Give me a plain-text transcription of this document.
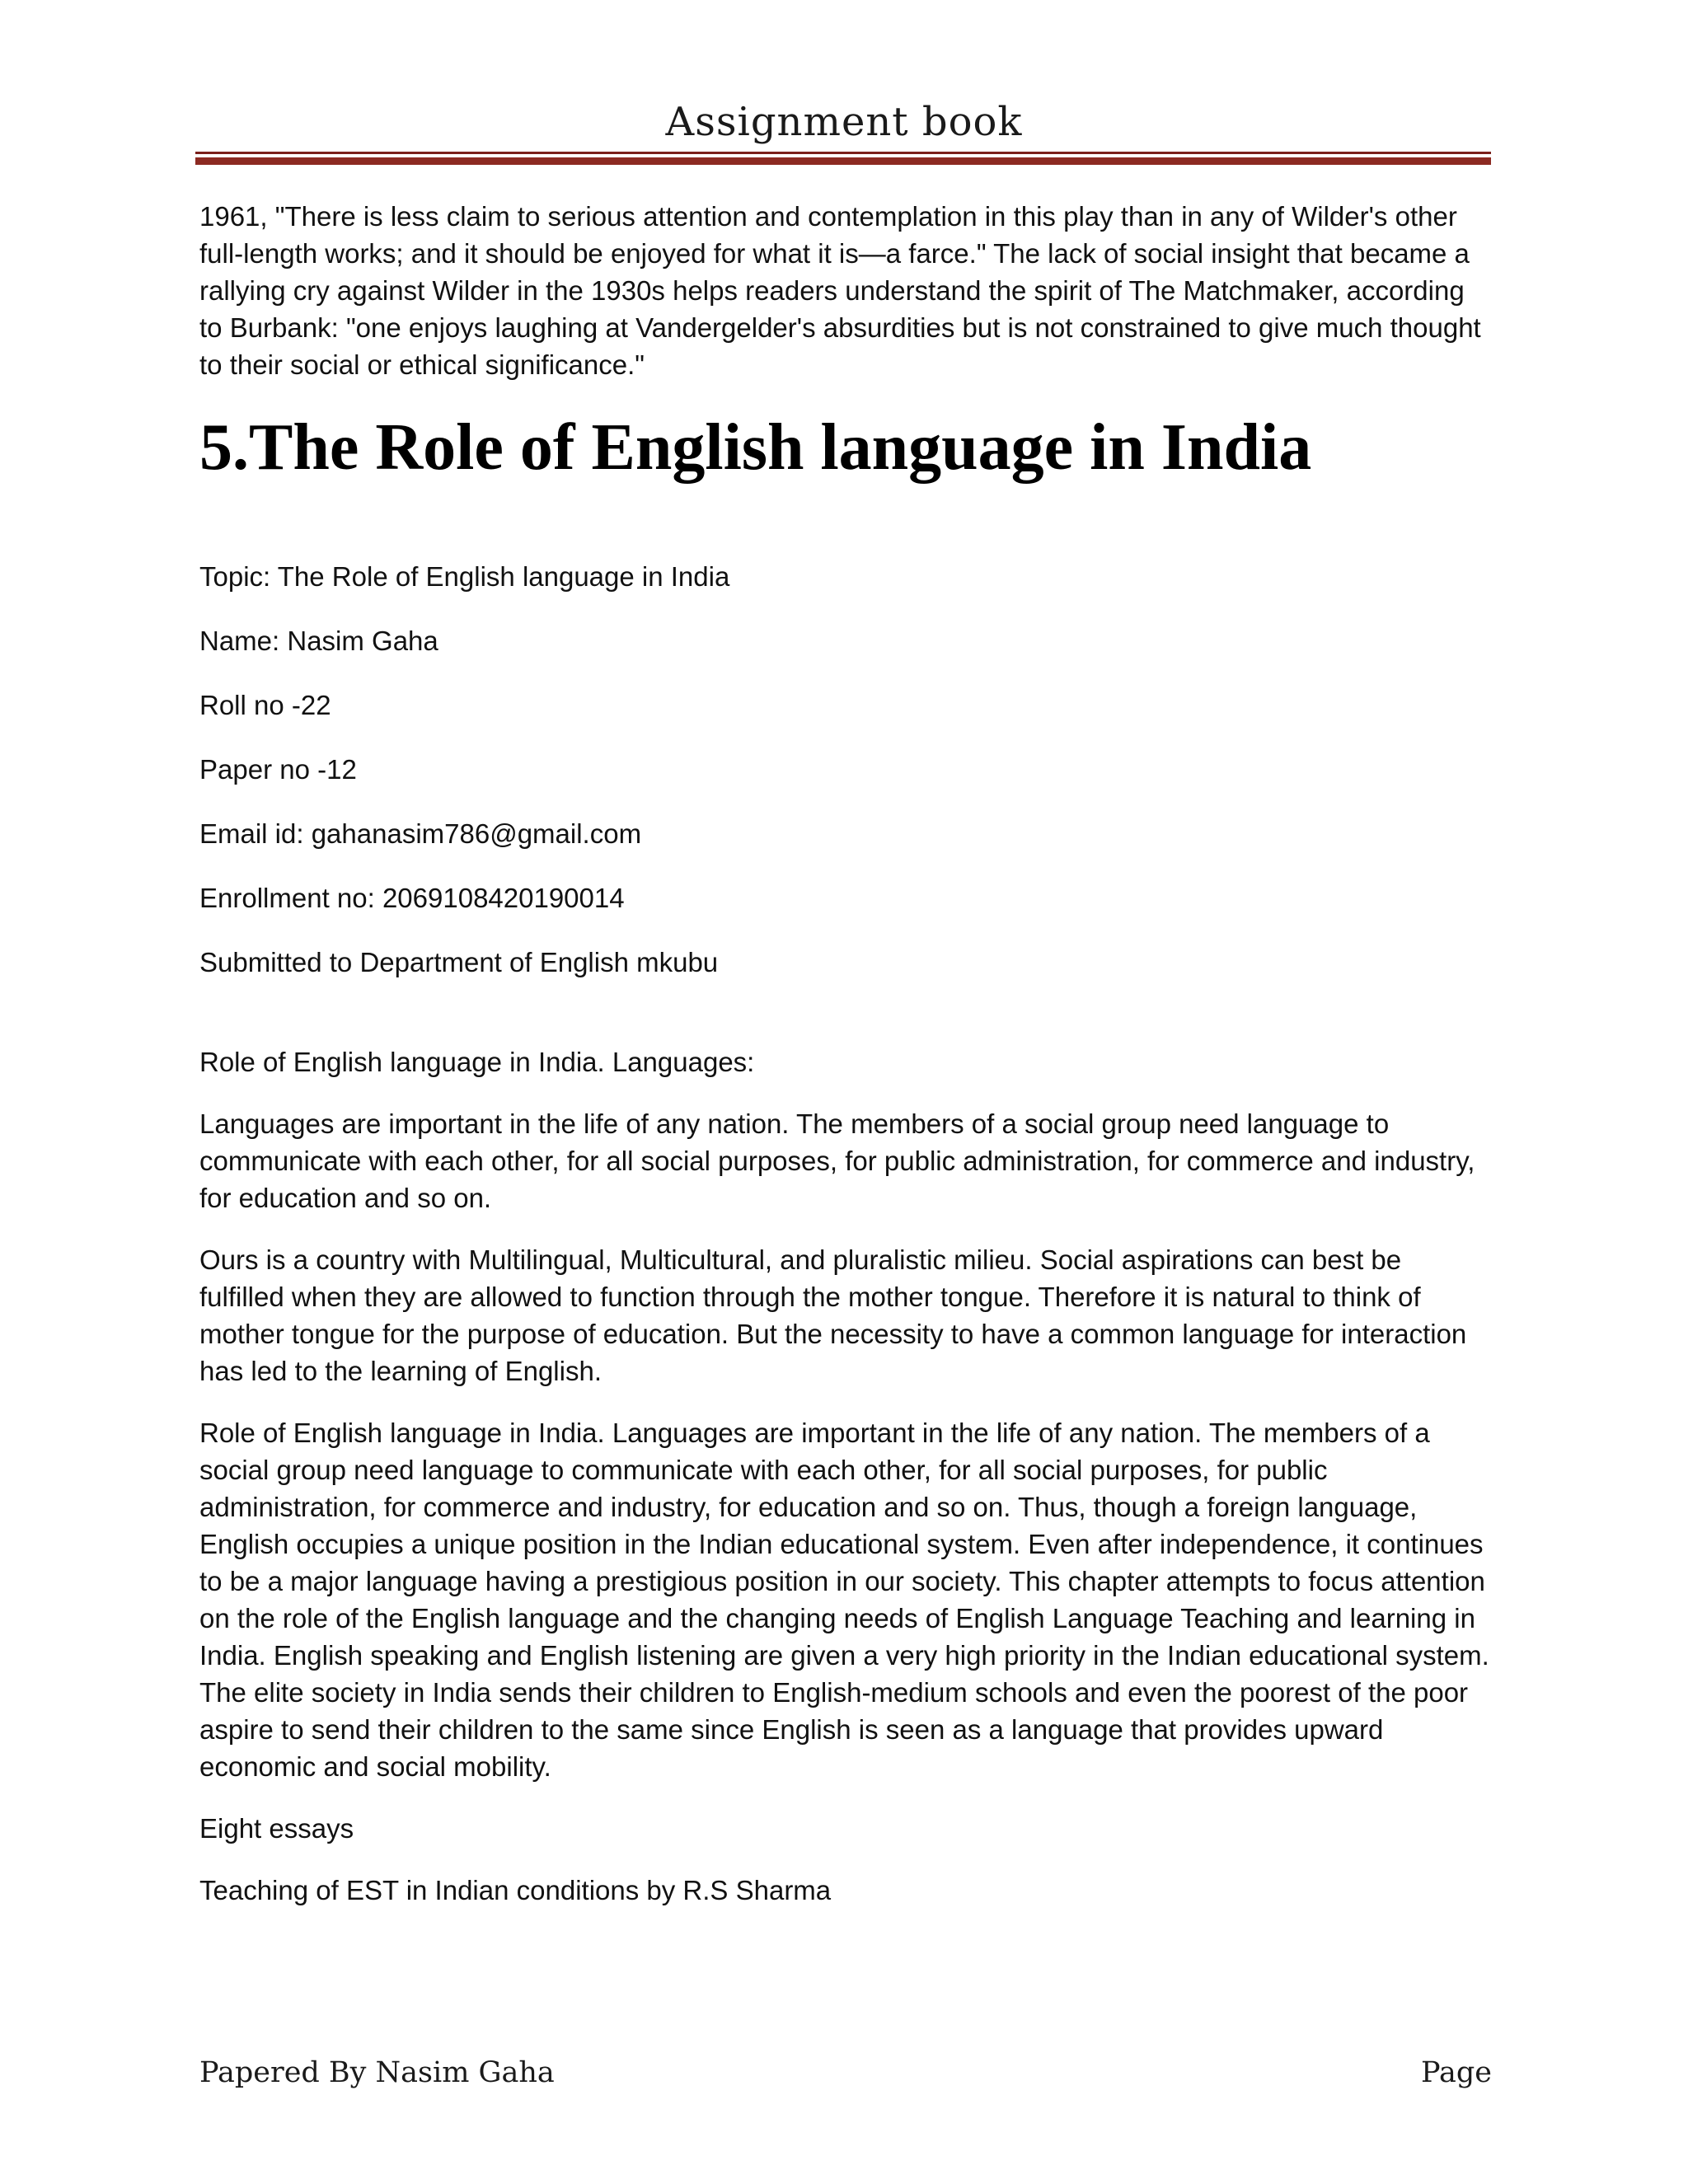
Assignment book

1961, "There is less claim to serious attention and contemplation in this play than in any of Wilder's other full-length works; and it should be enjoyed for what it is—a farce." The lack of social insight that became a rallying cry against Wilder in the 1930s helps readers understand the spirit of The Matchmaker, according to Burbank: "one enjoys laughing at Vandergelder's absurdities but is not constrained to give much thought to their social or ethical significance."

5.The Role of English language in India

Topic: The Role of English language in India

Name: Nasim Gaha

Roll no -22

Paper no -12

Email id: gahanasim786@gmail.com

Enrollment no: 2069108420190014

Submitted to Department of English mkubu

Role of English language in India. Languages:

Languages are important in the life of any nation. The members of a social group need language to communicate with each other, for all social purposes, for public administration, for commerce and industry, for education and so on.

Ours is a country with Multilingual, Multicultural, and pluralistic milieu. Social aspirations can best be fulfilled when they are allowed to function through the mother tongue. Therefore it is natural to think of mother tongue for the purpose of education. But the necessity to have a common language for interaction has led to the learning of English.

Role of English language in India. Languages are important in the life of any nation. The members of a social group need language to communicate with each other, for all social purposes, for public administration, for commerce and industry, for education and so on. Thus, though a foreign language, English occupies a unique position in the Indian educational system. Even after independence, it continues to be a major language having a prestigious position in our society. This chapter attempts to focus attention on the role of the English language and the changing needs of English Language Teaching and learning in India. English speaking and English listening are given a very high priority in the Indian educational system. The elite society in India sends their children to English-medium schools and even the poorest of the poor aspire to send their children to the same since English is seen as a language that provides upward economic and social mobility.

Eight essays

Teaching of EST in Indian conditions by R.S Sharma

Papered By Nasim Gaha	Page
